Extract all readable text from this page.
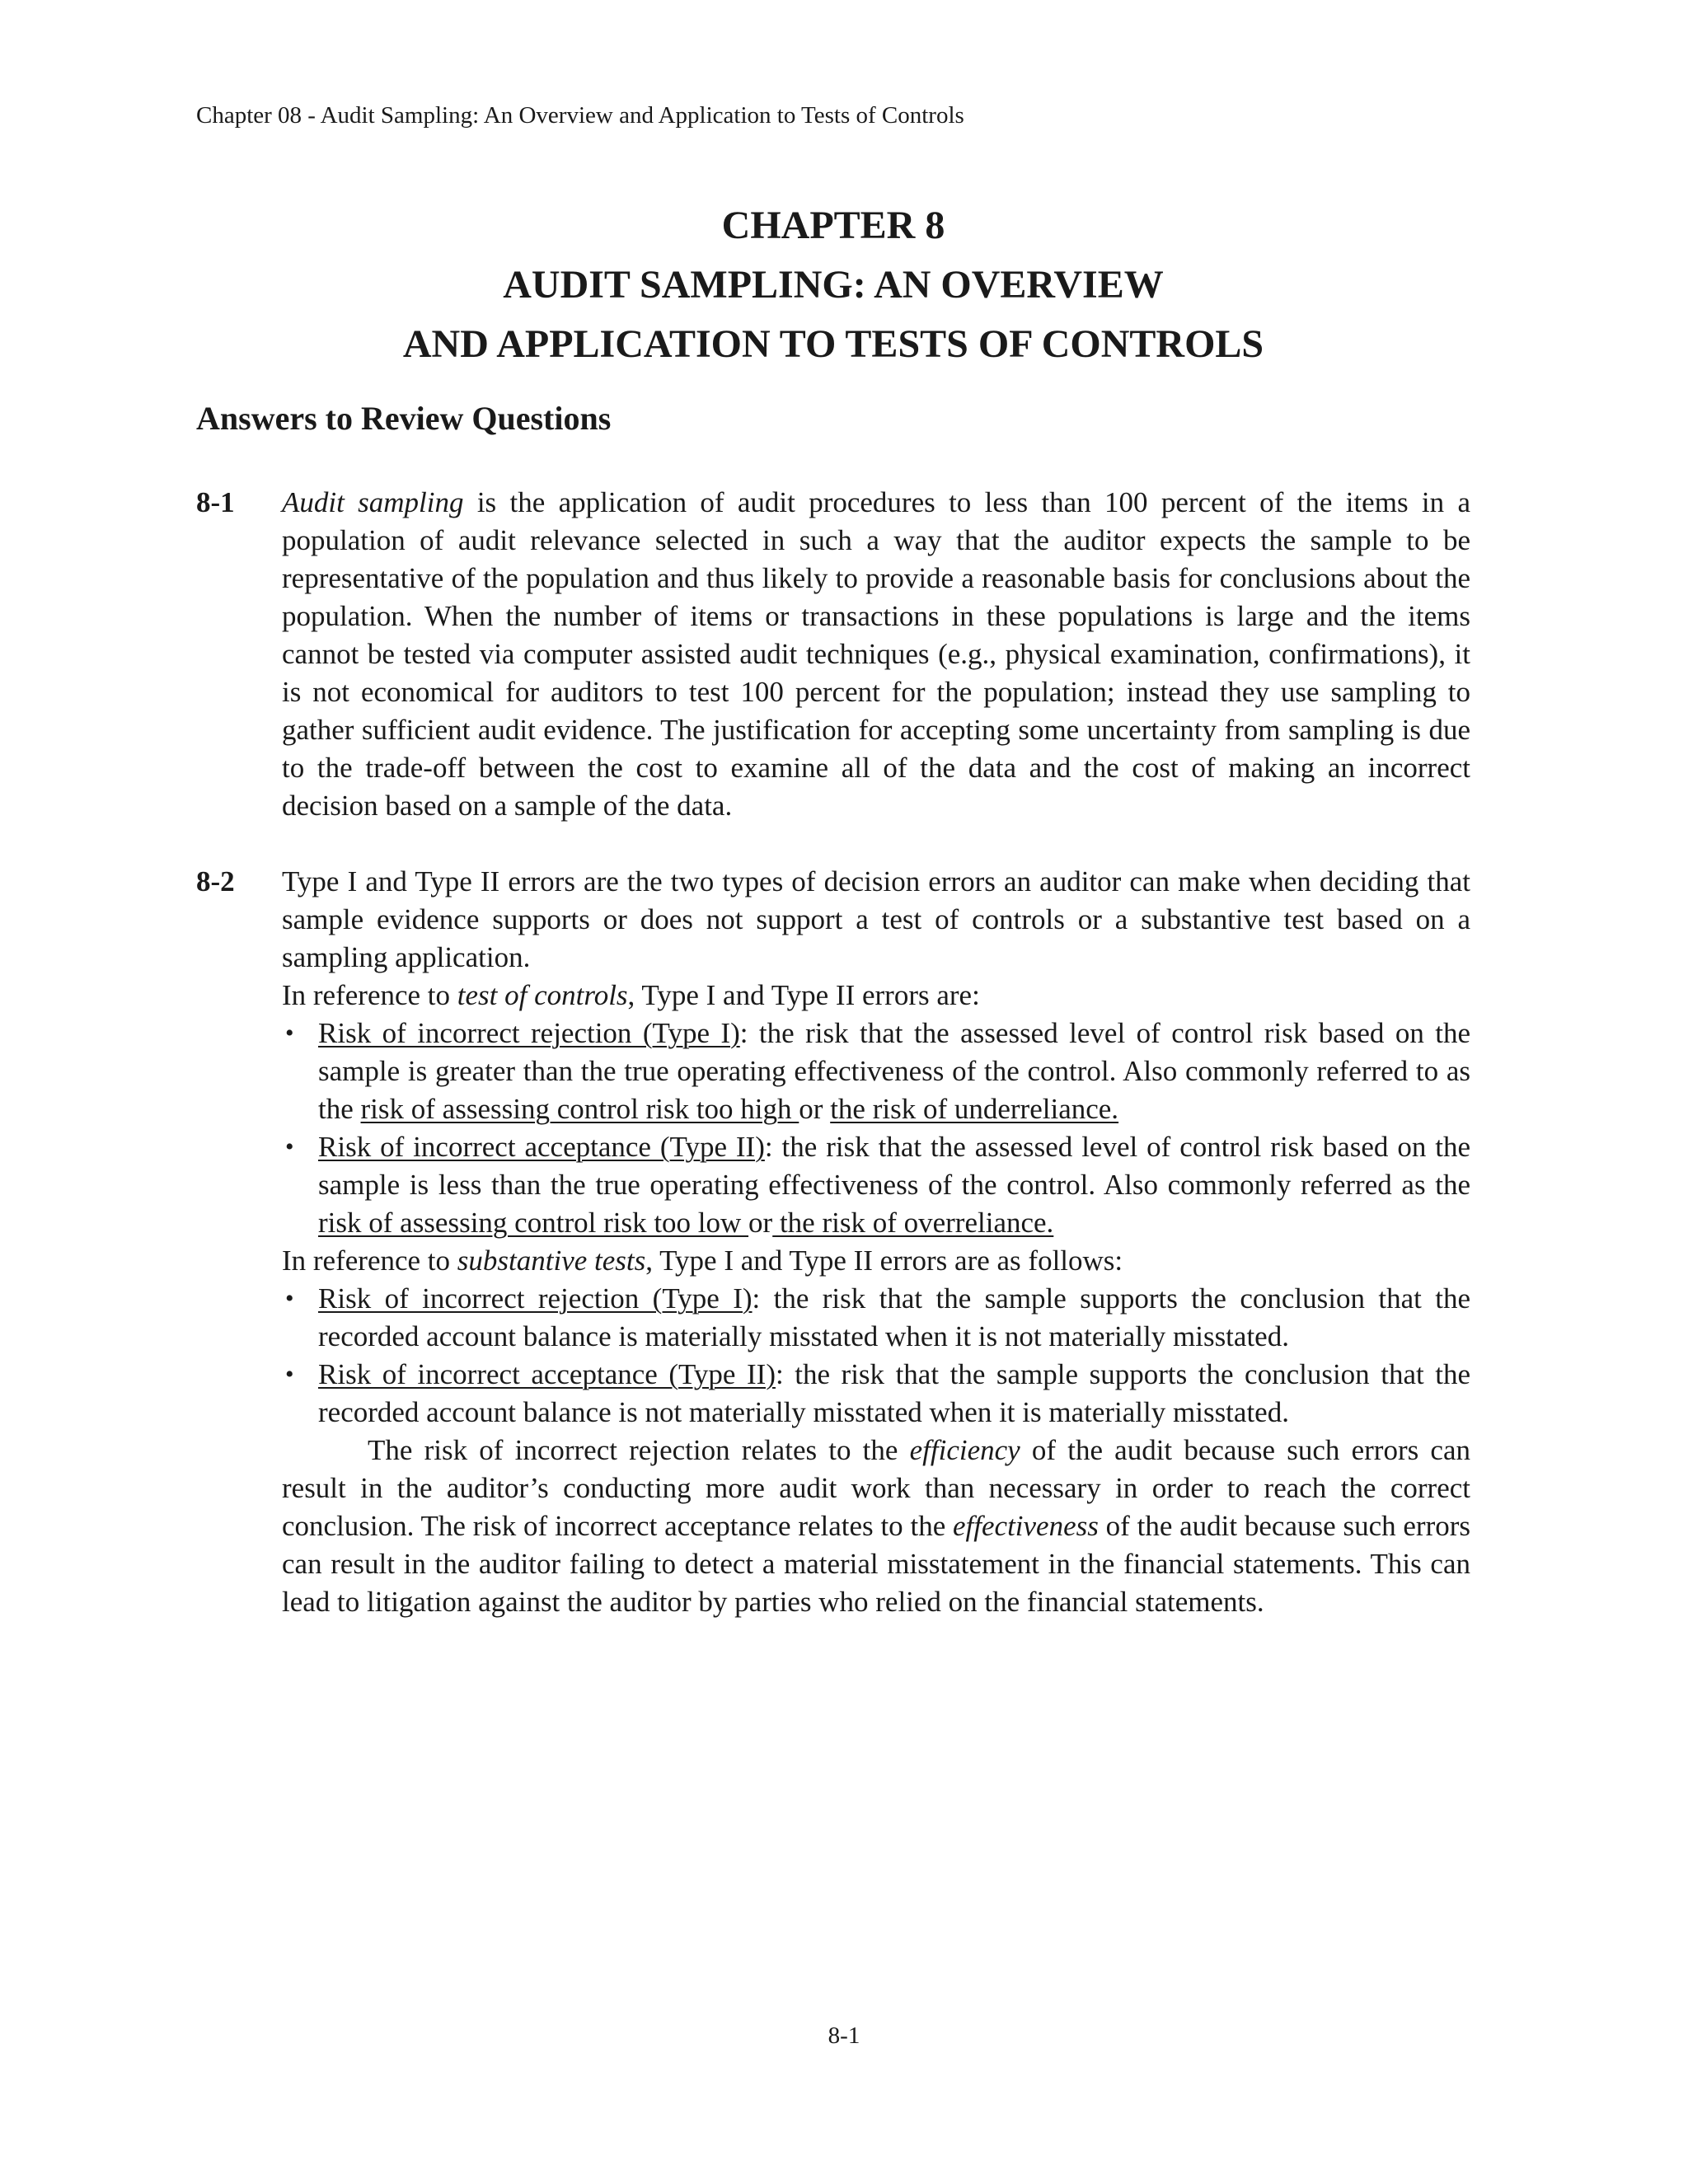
Chapter 08 - Audit Sampling: An Overview and Application to Tests of Controls
CHAPTER 8
AUDIT SAMPLING: AN OVERVIEW
AND APPLICATION TO TESTS OF CONTROLS
Answers to Review Questions
8-1	Audit sampling is the application of audit procedures to less than 100 percent of the items in a population of audit relevance selected in such a way that the auditor expects the sample to be representative of the population and thus likely to provide a reasonable basis for conclusions about the population. When the number of items or transactions in these populations is large and the items cannot be tested via computer assisted audit techniques (e.g., physical examination, confirmations), it is not economical for auditors to test 100 percent for the population; instead they use sampling to gather sufficient audit evidence. The justification for accepting some uncertainty from sampling is due to the trade-off between the cost to examine all of the data and the cost of making an incorrect decision based on a sample of the data.

8-2	Type I and Type II errors are the two types of decision errors an auditor can make when deciding that sample evidence supports or does not support a test of controls or a substantive test based on a sampling application.

In reference to test of controls, Type I and Type II errors are:

• Risk of incorrect rejection (Type I): the risk that the assessed level of control risk based on the sample is greater than the true operating effectiveness of the control. Also commonly referred to as the risk of assessing control risk too high or the risk of underreliance.
• Risk of incorrect acceptance (Type II): the risk that the assessed level of control risk based on the sample is less than the true operating effectiveness of the control. Also commonly referred as the risk of assessing control risk too low or the risk of overreliance.

In reference to substantive tests, Type I and Type II errors are as follows:

• Risk of incorrect rejection (Type I): the risk that the sample supports the conclusion that the recorded account balance is materially misstated when it is not materially misstated.
• Risk of incorrect acceptance (Type II): the risk that the sample supports the conclusion that the recorded account balance is not materially misstated when it is materially misstated.

The risk of incorrect rejection relates to the efficiency of the audit because such errors can result in the auditor’s conducting more audit work than necessary in order to reach the correct conclusion. The risk of incorrect acceptance relates to the effectiveness of the audit because such errors can result in the auditor failing to detect a material misstatement in the financial statements. This can lead to litigation against the auditor by parties who relied on the financial statements.

8-1
